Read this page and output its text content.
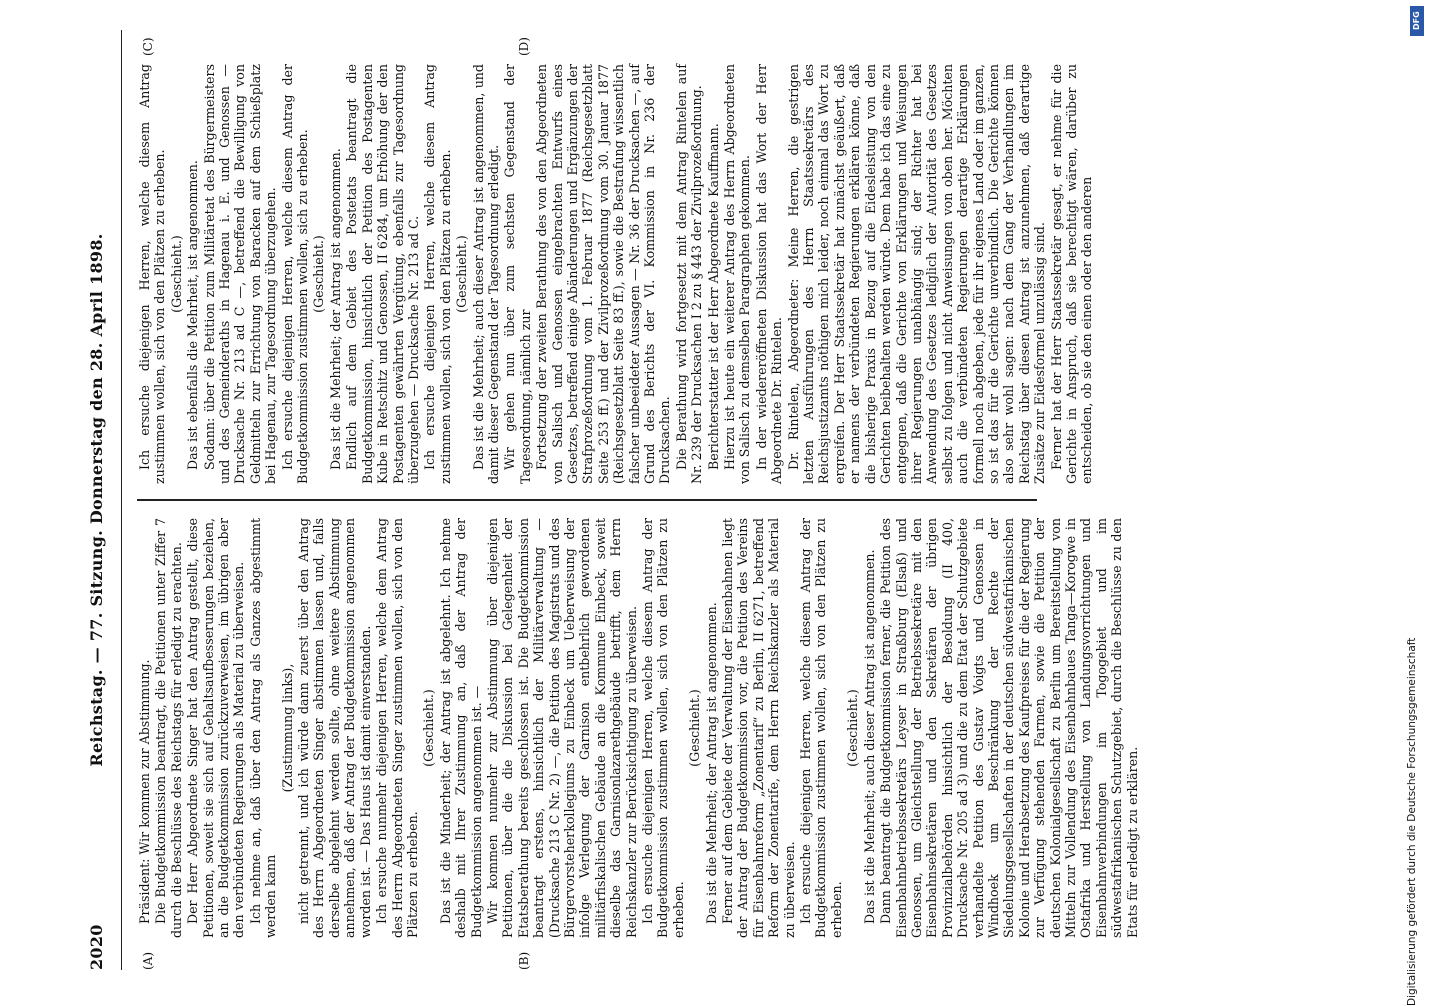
2020
Reichstag. — 77. Sitzung. Donnerstag den 28. April 1898.
(A)	(B)
(C)	(D)

Präsident: Wir kommen zur Abstimmung. Die Budgetkommission beantragt, die Petitionen unter Ziffer 7 durch die Beschlüsse des Reichstags für erledigt zu erachten. Der Herr Abgeordnete Singer hat den Antrag gestellt, diese Petitionen, soweit sie sich auf Gehaltsaufbesserungen beziehen, an die Budgetkommission zurückzuverweisen, im übrigen aber den verbündeten Regierungen als Material zu überweisen. Ich nehme an, daß über den Antrag als Ganzes abgestimmt werden kann

(Zustimmung links), nicht getrennt, und ich würde dann zuerst über den Antrag des Herrn Abgeordneten Singer abstimmen lassen und, falls derselbe abgelehnt werden sollte, ohne weitere Abstimmung annehmen, daß der Antrag der Budgetkommission angenommen worden ist. — Das Haus ist damit einverstanden. Ich ersuche nunmehr diejenigen Herren, welche dem Antrag des Herrn Abgeordneten Singer zustimmen wollen, sich von den Plätzen zu erheben.

(Geschieht.) Das ist die Minderheit; der Antrag ist abgelehnt. Ich nehme deshalb mit Ihrer Zustimmung an, daß der Antrag der Budgetkommission angenommen ist. — Wir kommen nunmehr zur Abstimmung über diejenigen Petitionen, über die die Diskussion bei Gelegenheit der Etatsberathung bereits geschlossen ist. Die Budgetkommission beantragt erstens, hinsichtlich der Militärverwaltung — (Drucksache 213 C Nr. 2) —, die Petition des Magistrats und des Bürgervorsteherkollegiums zu Einbeck um Ueberweisung der infolge Verlegung der Garnison entbehrlich gewordenen militärfiskalischen Gebäude an die Kommune Einbeck, soweit dieselbe das Garnisonlazarethgebäude betrifft, dem Herrn Reichskanzler zur Berücksichtigung zu überweisen. Ich ersuche diejenigen Herren, welche diesem Antrag der Budgetkommission zustimmen wollen, sich von den Plätzen zu erheben.

(Geschieht.) Das ist die Mehrheit; der Antrag ist angenommen. Ferner auf dem Gebiete der Verwaltung der Eisenbahnen liegt der Antrag der Budgetkommission vor, die Petition des Vereins für Eisenbahnreform „Zonentarif“ zu Berlin, II 6271, betreffend Reform der Zonentarife, dem Herrn Reichskanzler als Material zu überweisen. Ich ersuche diejenigen Herren, welche diesem Antrag der Budgetkommission zustimmen wollen, sich von den Plätzen zu erheben.

(Geschieht.) Das ist die Mehrheit; auch dieser Antrag ist angenommen. Dann beantragt die Budgetkommission ferner, die Petition des Eisenbahnbetriebssekretärs Leyser in Straßburg (Elsaß) und Genossen, um Gleichstellung der Betriebssekretäre mit den Eisenbahnsekretären und den Sekretären der übrigen Provinzialbehörden hinsichtlich der Besoldung (II 400, Drucksache Nr. 205 ad 3) und die zu dem Etat der Schutzgebiete verhandelte Petition des Gustav Voigts und Genossen in Windhoek um Beschränkung der Rechte der Siedelungsgesellschaften in der deutschen südwestafrikanischen Kolonie und Herabsetzung des Kaufpreises für die der Regierung zur Verfügung stehenden Farmen, sowie die Petition der deutschen Kolonialgesellschaft zu Berlin um Bereitstellung von Mitteln zur Vollendung des Eisenbahnbaues Tanga—Korogwe in Ostafrika und Herstellung von Landungsvorrichtungen und Eisenbahnverbindungen im Togogebiet und im südwestafrikanischen Schutzgebiet, durch die Beschlüsse zu den Etats für erledigt zu erklären.

Ich ersuche diejenigen Herren, welche diesem Antrag zustimmen wollen, sich von den Plätzen zu erheben. (Geschieht.) Das ist ebenfalls die Mehrheit, ist angenommen. Sodann: über die Petition zum Militäretat des Bürgermeisters und des Gemeinderaths in Hagenau i. E. und Genossen — Drucksache Nr. 213 ad C —, betreffend die Bewilligung von Geldmitteln zur Errichtung von Baracken auf dem Schießplatz bei Hagenau, zur Tagesordnung überzugehen. Ich ersuche diejenigen Herren, welche diesem Antrag der Budgetkommission zustimmen wollen, sich zu erheben. (Geschieht.) Das ist die Mehrheit; der Antrag ist angenommen. Endlich auf dem Gebiet des Postetats beantragt die Budgetkommission, hinsichtlich der Petition des Postagenten Kube in Retschitz und Genossen, II 6284, um Erhöhung der den Postagenten gewährten Vergütung, ebenfalls zur Tagesordnung überzugehen — Drucksache Nr. 213 ad C. Ich ersuche diejenigen Herren, welche diesem Antrag zustimmen wollen, sich von den Plätzen zu erheben. (Geschieht.) Das ist die Mehrheit; auch dieser Antrag ist angenommen, und damit dieser Gegenstand der Tagesordnung erledigt. Wir gehen nun über zum sechsten Gegenstand der Tagesordnung, nämlich zur Fortsetzung der zweiten Berathung des von den Abgeordneten von Salisch und Genossen eingebrachten Entwurfs eines Gesetzes, betreffend einige Abänderungen und Ergänzungen der Strafprozeßordnung vom 1. Februar 1877 (Reichsgesetzblatt Seite 253 ff.) und der Zivilprozeßordnung vom 30. Januar 1877 (Reichsgesetzblatt Seite 83 ff.), sowie die Bestrafung wissentlich falscher unbeeideter Aussagen — Nr. 36 der Drucksachen —, auf Grund des Berichts der VI. Kommission in Nr. 236 der Drucksachen. Die Berathung wird fortgesetzt mit dem Antrag Rintelen auf Nr. 239 der Drucksachen I 2 zu § 443 der Zivilprozeßordnung. Berichterstatter ist der Herr Abgeordnete Kauffmann. Hierzu ist heute ein weiterer Antrag des Herrn Abgeordneten von Salisch zu demselben Paragraphen gekommen. In der wiedereröffneten Diskussion hat das Wort der Herr Abgeordnete Dr. Rintelen. Dr. Rintelen, Abgeordneter: Meine Herren, die gestrigen letzten Ausführungen des Herrn Staatssekretärs des Reichsjustizamts nöthigen mich leider, noch einmal das Wort zu ergreifen. Der Herr Staatssekretär hat zunächst geäußert, daß er namens der verbündeten Regierungen erklären könne, daß die bisherige Praxis in Bezug auf die Eidesleistung von den Gerichten beibehalten werden würde. Dem habe ich das eine zu entgegnen, daß die Gerichte von Erklärungen und Weisungen ihrer Regierungen unabhängig sind; der Richter hat bei Anwendung des Gesetzes lediglich der Autorität des Gesetzes selbst zu folgen und nicht Anweisungen von oben her. Möchten auch die verbündeten Regierungen derartige Erklärungen formell noch abgeben, jede für ihr eigenes Land oder im ganzen, so ist das für die Gerichte unverbindlich. Die Gerichte können also sehr wohl sagen: nach dem Gang der Verhandlungen im Reichstag über diesen Antrag ist anzunehmen, daß derartige Zusätze zur Eidesformel unzulässig sind. Ferner hat der Herr Staatssekretär gesagt, er nehme für die Gerichte in Anspruch, daß sie berechtigt wären, darüber zu entscheiden, ob sie den einen oder den anderen

DFG
Digitalisierung gefördert durch die Deutsche Forschungsgemeinschaft
